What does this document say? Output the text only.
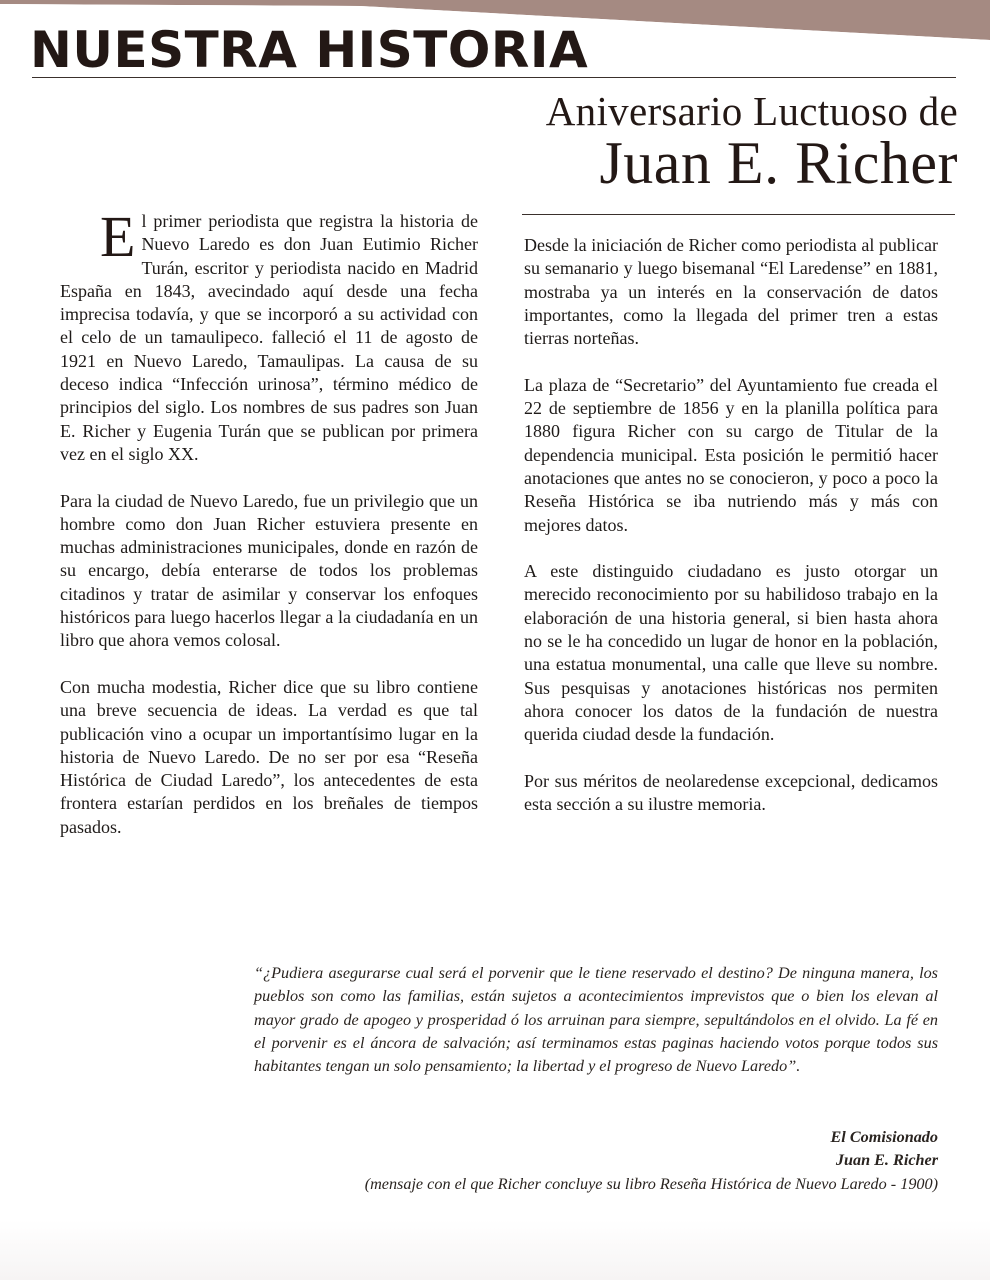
NUESTRA HISTORIA
Aniversario Luctuoso de
Juan E. Richer

El primer periodista que registra la historia de Nuevo Laredo es don Juan Eutimio Richer Turán, escritor y periodista nacido en Madrid España en 1843, avecindado aquí desde una fecha imprecisa todavía, y que se incorporó a su actividad con el celo de un tamaulipeco. falleció el 11 de agosto de 1921 en Nuevo Laredo, Tamaulipas. La causa de su deceso indica “Infección urinosa”, término médico de principios del siglo. Los nombres de sus padres son Juan E. Richer y Eugenia Turán que se publican por primera vez en el siglo XX.

Para la ciudad de Nuevo Laredo, fue un privilegio que un hombre como don Juan Richer estuviera presente en muchas administraciones municipales, donde en razón de su encargo, debía enterarse de todos los problemas citadinos y tratar de asimilar y conservar los enfoques históricos para luego hacerlos llegar a la ciudadanía en un libro que ahora vemos colosal.

Con mucha modestia, Richer dice que su libro contiene una breve secuencia de ideas. La verdad es que tal publicación vino a ocupar un importantísimo lugar en la historia de Nuevo Laredo. De no ser por esa “Reseña Histórica de Ciudad Laredo”, los antecedentes de esta frontera estarían perdidos en los breñales de tiempos pasados.

Desde la iniciación de Richer como periodista al publicar su semanario y luego bisemanal “El Laredense” en 1881, mostraba ya un interés en la conservación de datos importantes, como la llegada del primer tren a estas tierras norteñas.

La plaza de “Secretario” del Ayuntamiento fue creada el 22 de septiembre de 1856 y en la planilla política para 1880 figura Richer con su cargo de Titular de la dependencia municipal. Esta posición le permitió hacer anotaciones que antes no se conocieron, y poco a poco la Reseña Histórica se iba nutriendo más y más con mejores datos.

A este distinguido ciudadano es justo otorgar un merecido reconocimiento por su habilidoso trabajo en la elaboración de una historia general, si bien hasta ahora no se le ha concedido un lugar de honor en la población, una estatua monumental, una calle que lleve su nombre. Sus pesquisas y anotaciones históricas nos permiten ahora conocer los datos de la fundación de nuestra querida ciudad desde la fundación.

Por sus méritos de neolaredense excepcional, dedicamos esta sección a su ilustre memoria.

“¿Pudiera asegurarse cual será el porvenir que le tiene reservado el destino? De ninguna manera, los pueblos son como las familias, están sujetos a acontecimientos imprevistos que o bien los elevan al mayor grado de apogeo y prosperidad ó los arruinan para siempre, sepultándolos en el olvido. La fé en el porvenir es el áncora de salvación; así terminamos estas paginas haciendo votos porque todos sus habitantes tengan un solo pensamiento; la libertad y el progreso de Nuevo Laredo”.

El Comisionado
Juan E. Richer
(mensaje con el que Richer concluye su libro Reseña Histórica de Nuevo Laredo - 1900)
